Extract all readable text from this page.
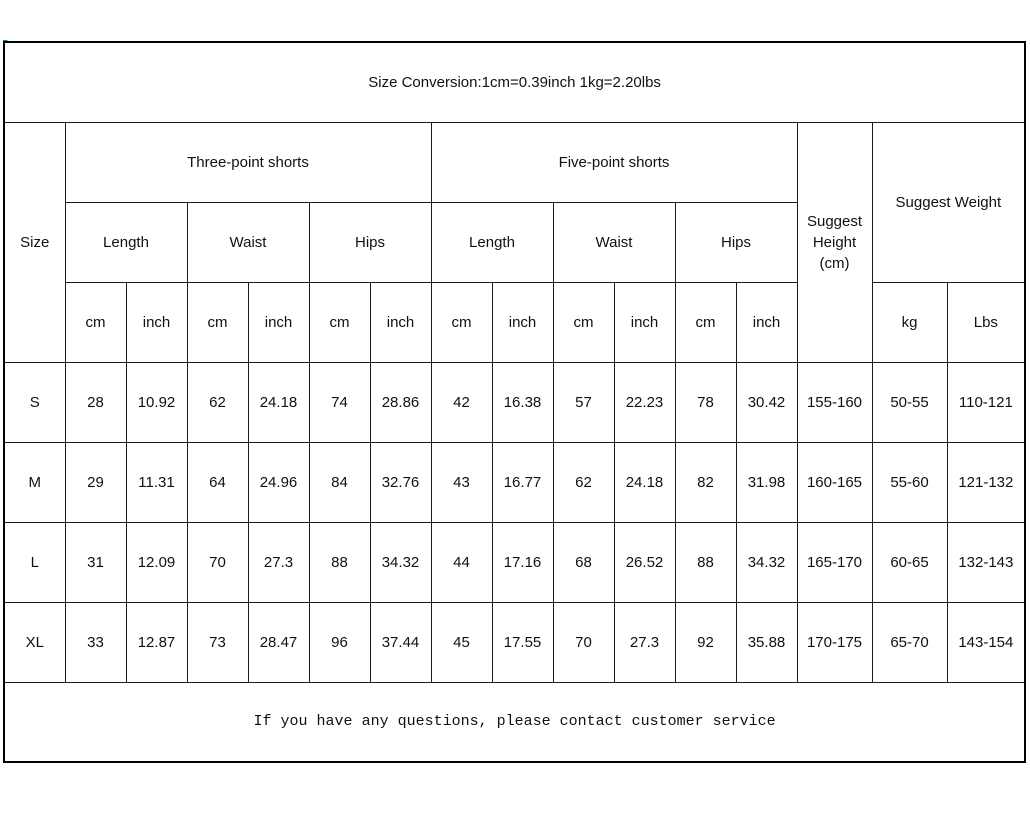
Size Conversion:1cm=0.39inch 1kg=2.20lbs															
Size	Three-point shorts						Five-point shorts						Suggest Height (cm)	Suggest Weight	
	Length		Waist		Hips		Length		Waist		Hips				
	cm	inch	cm	inch	cm	inch	cm	inch	cm	inch	cm	inch		kg	Lbs
S	28	10.92	62	24.18	74	28.86	42	16.38	57	22.23	78	30.42	155-160	50-55	110-121
M	29	11.31	64	24.96	84	32.76	43	16.77	62	24.18	82	31.98	160-165	55-60	121-132
L	31	12.09	70	27.3	88	34.32	44	17.16	68	26.52	88	34.32	165-170	60-65	132-143
XL	33	12.87	73	28.47	96	37.44	45	17.55	70	27.3	92	35.88	170-175	65-70	143-154
If you have any questions, please contact customer service															
